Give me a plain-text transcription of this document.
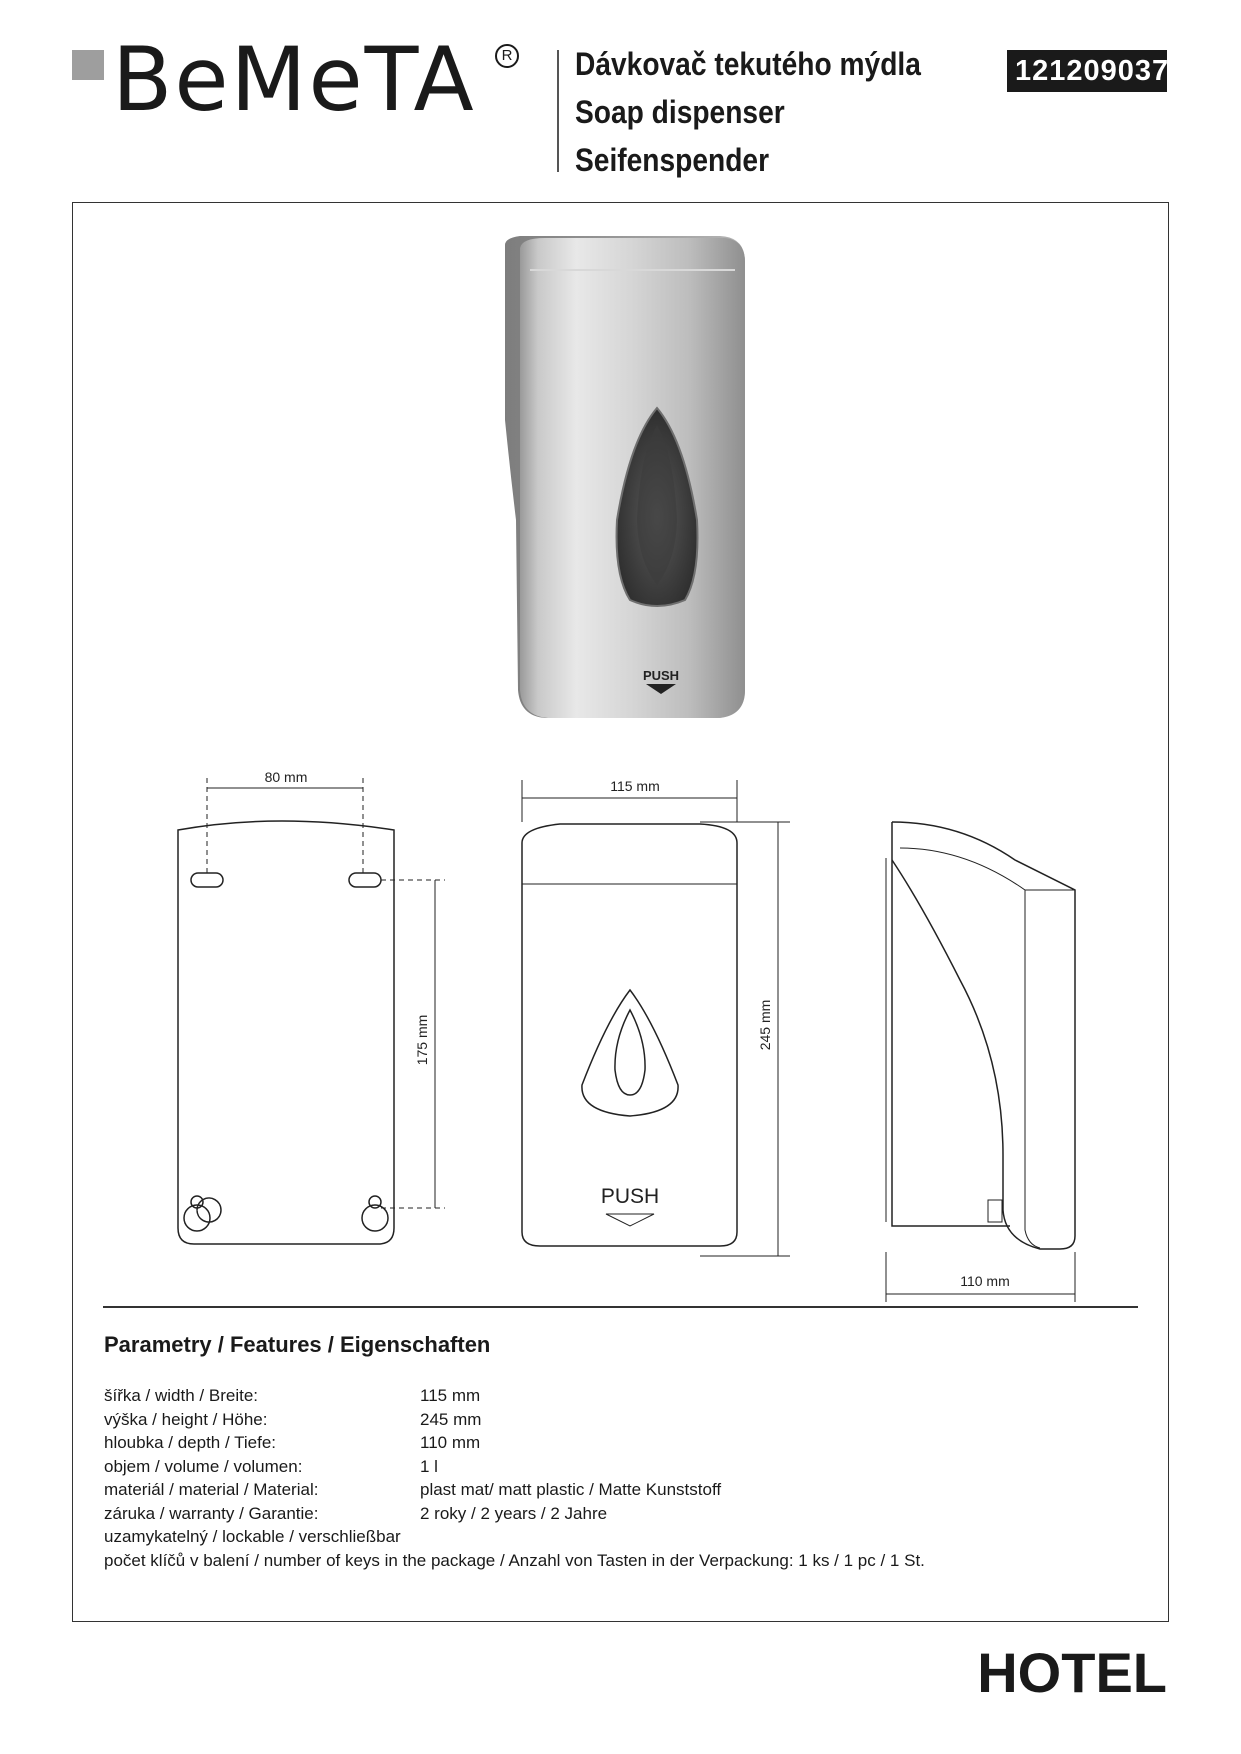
BeMeTA	R Dávkovač tekutého mýdla
Soap dispenser
Seifenspender
121209037
PUSH
80 mm
175 mm
115 mm
245 mm
PUSH
110 mm
Parametry / Features / Eigenschaften
šířka / width / Breite:	115 mm
výška / height / Höhe:	245 mm
hloubka / depth / Tiefe:	110 mm
objem / volume / volumen:	1 l
materiál / material / Material:	plast mat/ matt plastic / Matte Kunststoff
záruka / warranty / Garantie:	2 roky / 2 years / 2 Jahre
uzamykatelný / lockable / verschließbar
počet klíčů v balení / number of keys in the package / Anzahl von Tasten in der Verpackung: 1 ks / 1 pc / 1 St.
HOTEL
